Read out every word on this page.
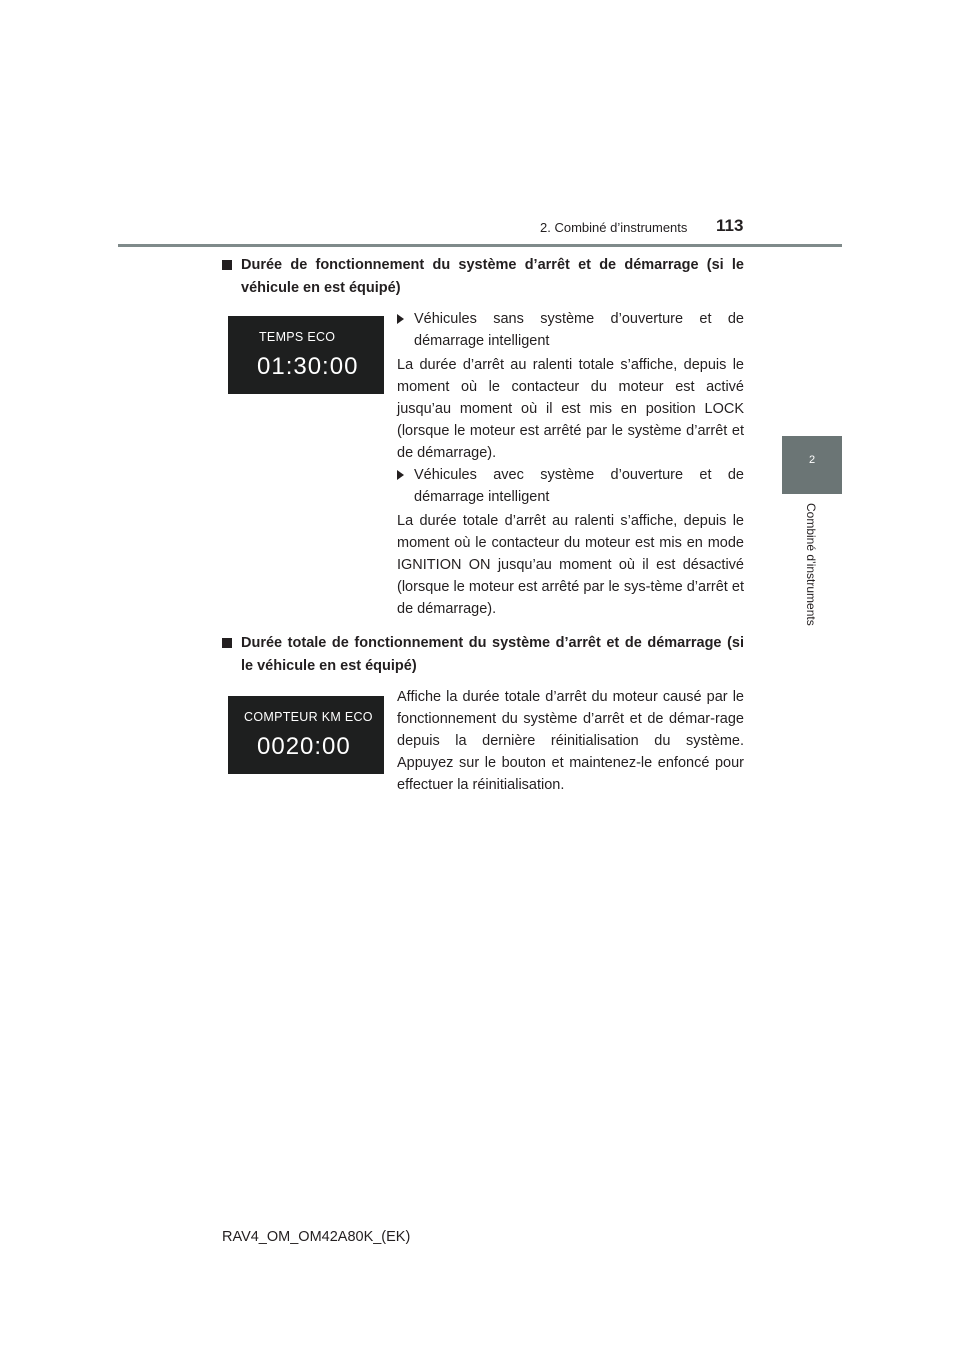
2. Combiné d’instruments 113
2
Combiné d’instruments
Durée de fonctionnement du système d’arrêt et de démarrage (si le véhicule en est équipé)
TEMPS ECO
01:30:00
Véhicules sans système d’ouverture et de démarrage intelligent
La durée d’arrêt au ralenti totale s’affiche, depuis le moment où le contacteur du moteur est activé jusqu’au moment où il est mis en position LOCK (lorsque le moteur est arrêté par le système d’arrêt et de démarrage).
Véhicules avec système d’ouverture et de démarrage intelligent
La durée totale d’arrêt au ralenti s’affiche, depuis le moment où le contacteur du moteur est mis en mode IGNITION ON jusqu’au moment où il est désactivé (lorsque le moteur est arrêté par le sys-tème d’arrêt et de démarrage).
Durée totale de fonctionnement du système d’arrêt et de démarrage (si le véhicule en est équipé)
COMPTEUR KM ECO
0020:00
Affiche la durée totale d’arrêt du moteur causé par le fonctionnement du système d’arrêt et de démar-rage depuis la dernière réinitialisation du système. Appuyez sur le bouton et maintenez-le enfoncé pour effectuer la réinitialisation.
RAV4_OM_OM42A80K_(EK)
